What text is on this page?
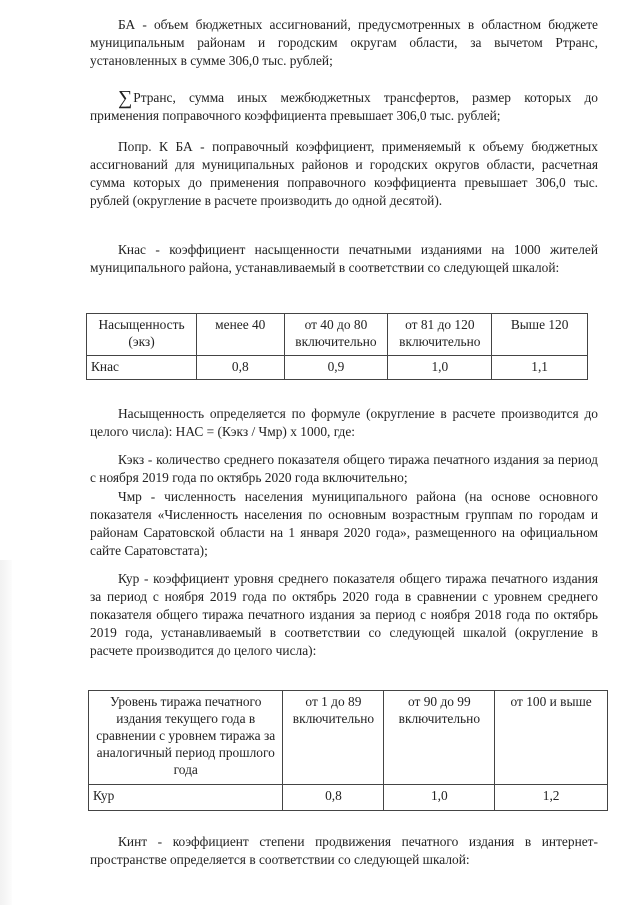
БА - объем бюджетных ассигнований, предусмотренных в областном бюджете муниципальным районам и городским округам области, за вычетом Ртранс, установленных в сумме 306,0 тыс. рублей;

∑Ртранс, сумма иных межбюджетных трансфертов, размер которых до применения поправочного коэффициента превышает 306,0 тыс. рублей;

Попр. К БА - поправочный коэффициент, применяемый к объему бюджетных ассигнований для муниципальных районов и городских округов области, расчетная сумма которых до применения поправочного коэффициента превышает 306,0 тыс. рублей (округление в расчете производить до одной десятой).

Кнас - коэффициент насыщенности печатными изданиями на 1000 жителей муниципального района, устанавливаемый в соответствии со следующей шкалой:

Насыщенность (экз)	менее 40	от 40 до 80 включительно	от 81 до 120 включительно	Выше 120
Кнас	0,8	0,9	1,0	1,1

Насыщенность определяется по формуле (округление в расчете производится до целого числа): НАС = (Кэкз / Чмр) х 1000, где:

Кэкз - количество среднего показателя общего тиража печатного издания за период с ноября 2019 года по октябрь 2020 года включительно;

Чмр - численность населения муниципального района (на основе основного показателя «Численность населения по основным возрастным группам по городам и районам Саратовской области на 1 января 2020 года», размещенного на официальном сайте Саратовстата);

Кур - коэффициент уровня среднего показателя общего тиража печатного издания за период с ноября 2019 года по октябрь 2020 года в сравнении с уровнем среднего показателя общего тиража печатного издания за период с ноября 2018 года по октябрь 2019 года, устанавливаемый в соответствии со следующей шкалой (округление в расчете производится до целого числа):

Уровень тиража печатного издания текущего года в сравнении с уровнем тиража за аналогичный период прошлого года	от 1 до 89 включительно	от 90 до 99 включительно	от 100 и выше
Кур	0,8	1,0	1,2

Кинт - коэффициент степени продвижения печатного издания в интернет-пространстве определяется в соответствии со следующей шкалой:
